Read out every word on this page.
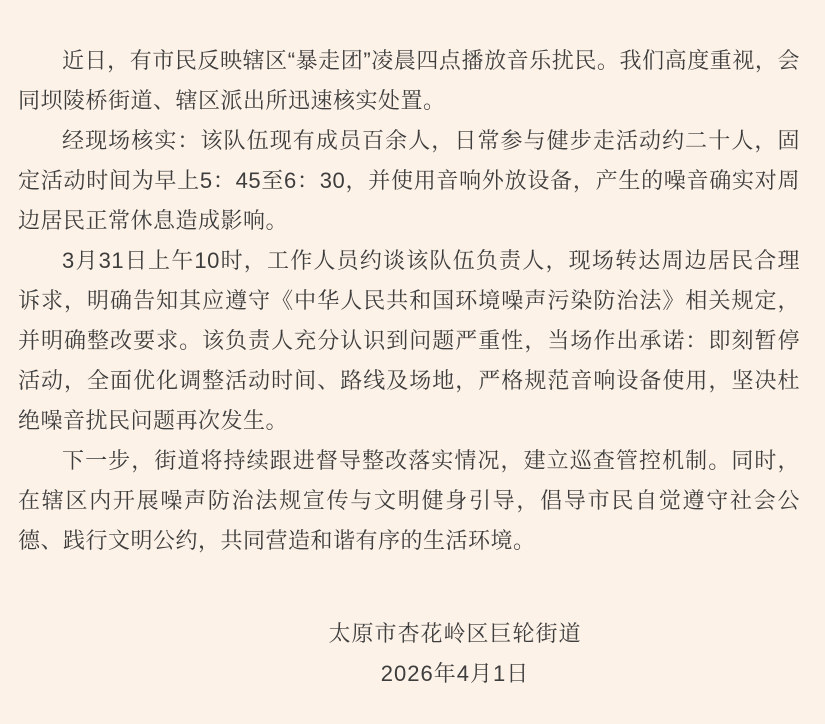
近日，有市民反映辖区“暴走团”凌晨四点播放音乐扰民。我们高度重视，会同坝陵桥街道、辖区派出所迅速核实处置。

经现场核实：该队伍现有成员百余人，日常参与健步走活动约二十人，固定活动时间为早上5：45至6：30，并使用音响外放设备，产生的噪音确实对周边居民正常休息造成影响。

3月31日上午10时，工作人员约谈该队伍负责人，现场转达周边居民合理诉求，明确告知其应遵守《中华人民共和国环境噪声污染防治法》相关规定，并明确整改要求。该负责人充分认识到问题严重性，当场作出承诺：即刻暂停活动，全面优化调整活动时间、路线及场地，严格规范音响设备使用，坚决杜绝噪音扰民问题再次发生。

下一步，街道将持续跟进督导整改落实情况，建立巡查管控机制。同时，在辖区内开展噪声防治法规宣传与文明健身引导，倡导市民自觉遵守社会公德、践行文明公约，共同营造和谐有序的生活环境。

太原市杏花岭区巨轮街道
2026年4月1日
